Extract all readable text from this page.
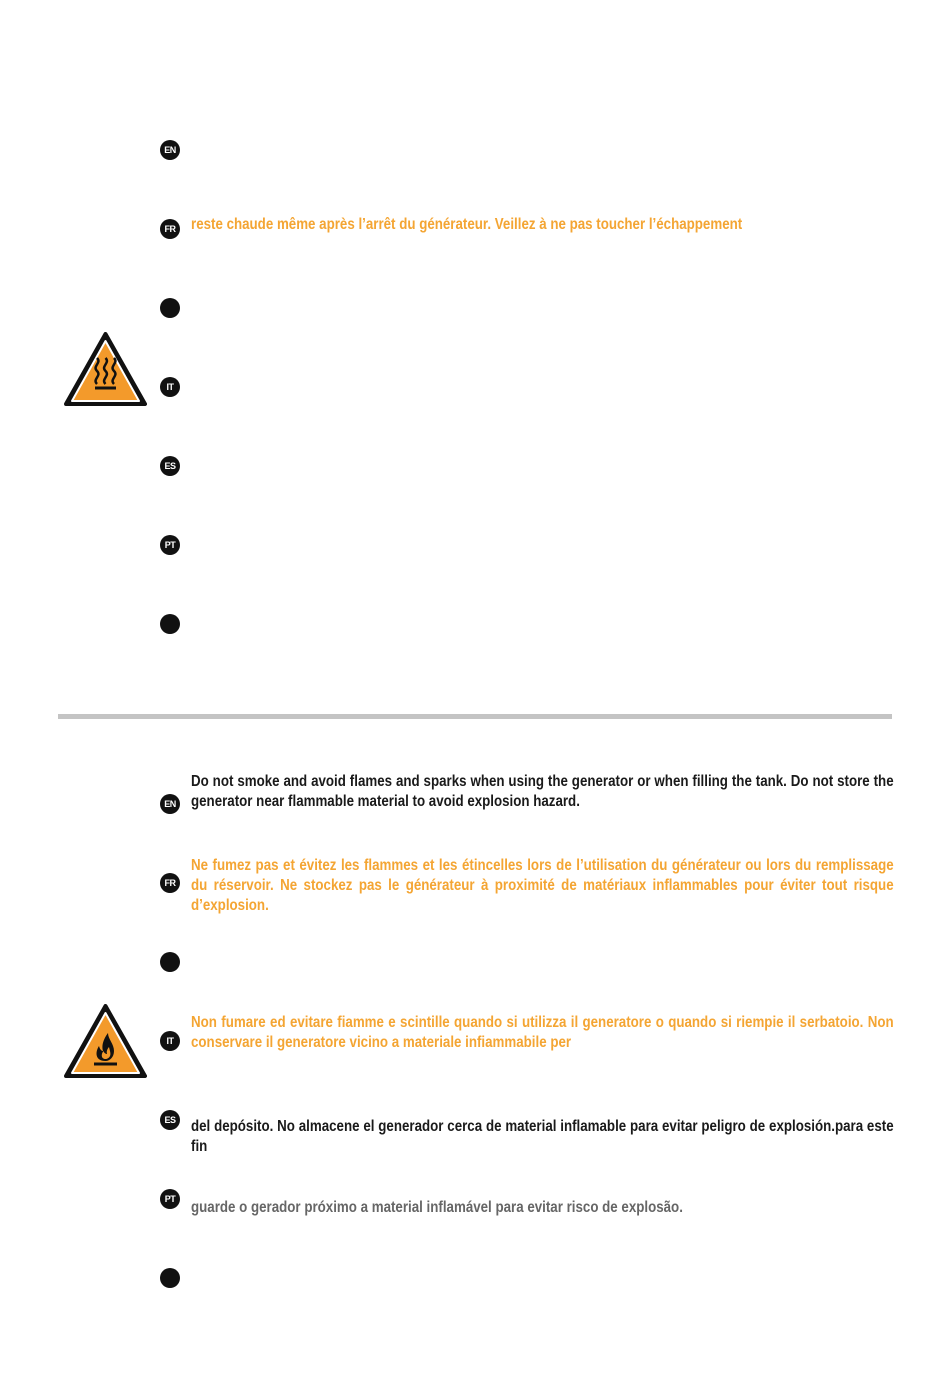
EN
FR reste chaude même après l’arrêt du générateur. Veillez à ne pas toucher l’échappement
IT
ES
PT
Do not smoke and avoid flames and sparks when using the generator or when filling the tank. Do not store the generator near flammable material to avoid explosion hazard.
EN
Ne fumez pas et évitez les flammes et les étincelles lors de l’utilisation du générateur ou lors du remplissage du réservoir. Ne stockez pas le générateur à proximité de matériaux inflammables pour éviter tout risque d’explosion.
FR
Non fumare ed evitare fiamme e scintille quando si utilizza il generatore o quando si riempie il serbatoio. Non conservare il generatore vicino a materiale infiammabile per
IT
ES del depósito. No almacene el generador cerca de material inflamable para evitar peligro de explosión.para este fin
PT	guarde o gerador próximo a material inflamável para evitar risco de explosão.
